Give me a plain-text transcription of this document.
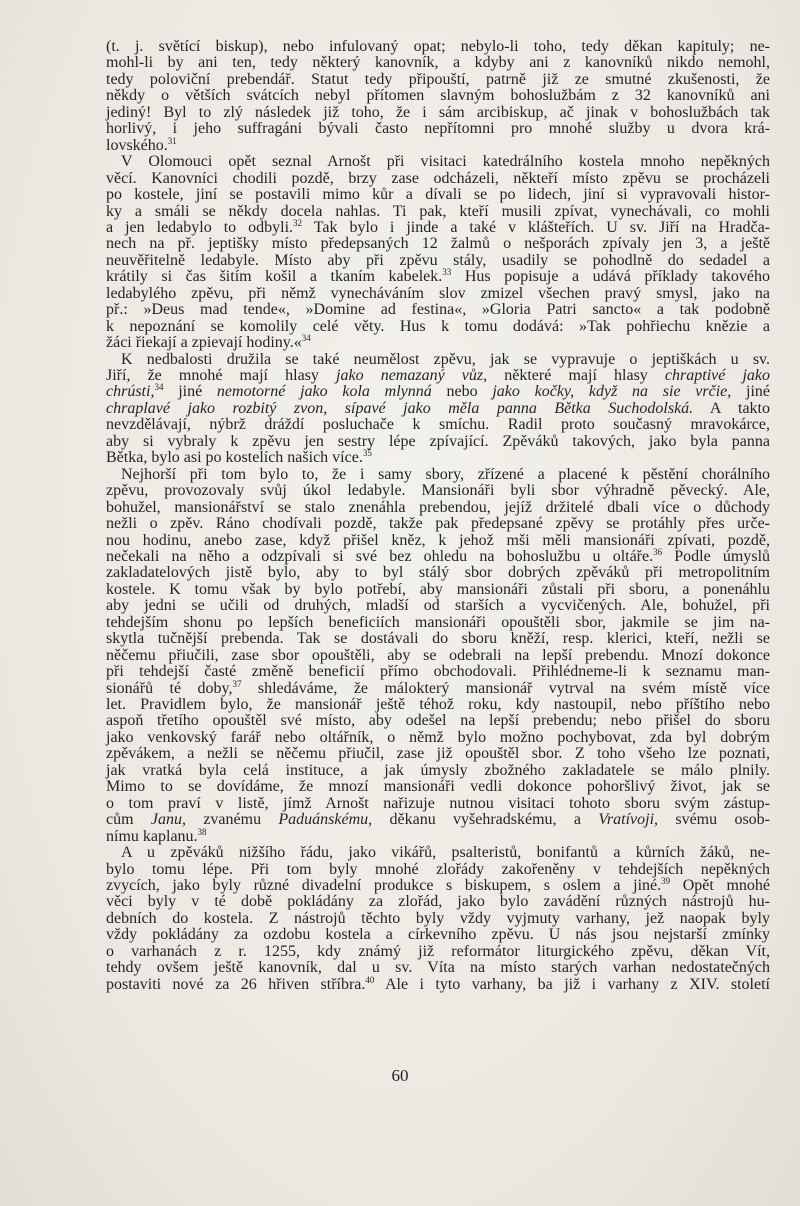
(t. j. světící biskup), nebo infulovaný opat; nebylo-li toho, tedy děkan kapituly; ne-
mohl-li by ani ten, tedy některý kanovník, a kdyby ani z kanovníků nikdo nemohl,
tedy poloviční prebendář. Statut tedy připouští, patrně již ze smutné zkušenosti, že
někdy o větších svátcích nebyl přítomen slavným bohoslužbám z 32 kanovníků ani
jediný! Byl to zlý následek již toho, že i sám arcibiskup, ač jinak v bohoslužbách tak
horlivý, i jeho suffragáni bývali často nepřítomni pro mnohé služby u dvora krá-
lovského.$^{31}$
V Olomouci opět seznal Arnošt při visitaci katedrálního kostela mnoho nepěkných
věcí. Kanovníci chodili pozdě, brzy zase odcházeli, někteří místo zpěvu se procházeli
po kostele, jiní se postavili mimo kůr a dívali se po lidech, jiní si vypravovali histor-
ky a smáli se někdy docela nahlas. Ti pak, kteří musili zpívat, vynechávali, co mohli
a jen ledabylo to odbyli.$^{32}$ Tak bylo i jinde a také v klášteřích. U sv. Jiří na Hradča-
nech na př. jeptišky místo předepsaných 12 žalmů o nešporách zpívaly jen 3, a ještě
neuvěřitelně ledabyle. Místo aby při zpěvu stály, usadily se pohodlně do sedadel a
krátily si čas šitím košil a tkaním kabelek.$^{33}$ Hus popisuje a udává příklady takového
ledabylého zpěvu, při němž vynecháváním slov zmizel všechen pravý smysl, jako na
př.: »Deus mad tende«, »Domine ad festina«, »Gloria Patri sancto« a tak podobně
k nepoznání se komolily celé věty. Hus k tomu dodává: »Tak pohřiechu knězie a
žáci řiekají a zpievají hodiny.«$^{34}$
K nedbalosti družila se také neumělost zpěvu, jak se vypravuje o jeptiškách u sv.
Jiří, že mnohé mají hlasy jako nemazaný vůz, některé mají hlasy chraptivé jako
chrústi,$^{34}$ jiné nemotorné jako kola mlynná nebo jako kočky, když na sie vrčie, jiné
chraplavé jako rozbitý zvon, sípavé jako měla panna Bětka Suchodolská. A takto
nevzdělávají, nýbrž dráždí posluchače k smíchu. Radil proto současný mravokárce,
aby si vybraly k zpěvu jen sestry lépe zpívající. Zpěváků takových, jako byla panna
Bětka, bylo asi po kostelích našich více.$^{35}$
Nejhorší při tom bylo to, že i samy sbory, zřízené a placené k pěstění chorálního
zpěvu, provozovaly svůj úkol ledabyle. Mansionáři byli sbor výhradně pěvecký. Ale,
bohužel, mansionářství se stalo znenáhla prebendou, jejíž držitelé dbali více o důchody
nežli o zpěv. Ráno chodívali pozdě, takže pak předepsané zpěvy se protáhly přes urče-
nou hodinu, anebo zase, když přišel kněz, k jehož mši měli mansionáři zpívati, pozdě,
nečekali na něho a odzpívali si své bez ohledu na bohoslužbu u oltáře.$^{36}$ Podle úmyslů
zakladatelových jistě bylo, aby to byl stálý sbor dobrých zpěváků při metropolitním
kostele. K tomu však by bylo potřebí, aby mansionáři zůstali při sboru, a ponenáhlu
aby jedni se učili od druhých, mladší od starších a vycvičených. Ale, bohužel, při
tehdejším shonu po lepších beneficiích mansionáři opouštěli sbor, jakmile se jim na-
skytla tučnější prebenda. Tak se dostávali do sboru kněží, resp. klerici, kteří, nežli se
něčemu přiučili, zase sbor opouštěli, aby se odebrali na lepší prebendu. Mnozí dokonce
při tehdejší časté změně beneficií přímo obchodovali. Přihlédneme-li k seznamu man-
sionářů té doby,$^{37}$ shledáváme, že málokterý mansionář vytrval na svém místě více
let. Pravidlem bylo, že mansionář ještě téhož roku, kdy nastoupil, nebo příštího nebo
aspoň třetího opouštěl své místo, aby odešel na lepší prebendu; nebo přišel do sboru
jako venkovský farář nebo oltářník, o němž bylo možno pochybovat, zda byl dobrým
zpěvákem, a nežli se něčemu přiučil, zase již opouštěl sbor. Z toho všeho lze poznati,
jak vratká byla celá instituce, a jak úmysly zbožného zakladatele se málo plnily.
Mimo to se dovídáme, že mnozí mansionáři vedli dokonce pohoršlivý život, jak se
o tom praví v listě, jímž Arnošt nařizuje nutnou visitaci tohoto sboru svým zástup-
cům Janu, zvanému Paduánskému, děkanu vyšehradskému, a Vratívoji, svému osob-
nímu kaplanu.$^{38}$
A u zpěváků nižšího řádu, jako vikářů, psalteristů, bonifantů a kůrních žáků, ne-
bylo tomu lépe. Při tom byly mnohé zlořády zakořeněny v tehdejších nepěkných
zvycích, jako byly různé divadelní produkce s biskupem, s oslem a jiné.$^{39}$ Opět mnohé
věci byly v té době pokládány za zlořád, jako bylo zavádění různých nástrojů hu-
debních do kostela. Z nástrojů těchto byly vždy vyjmuty varhany, jež naopak byly
vždy pokládány za ozdobu kostela a církevního zpěvu. U nás jsou nejstarší zmínky
o varhanách z r. 1255, kdy známý již reformátor liturgického zpěvu, děkan Vít,
tehdy ovšem ještě kanovník, dal u sv. Víta na místo starých varhan nedostatečných
postaviti nové za 26 hřiven stříbra.$^{40}$ Ale i tyto varhany, ba již i varhany z XIV. století
60
